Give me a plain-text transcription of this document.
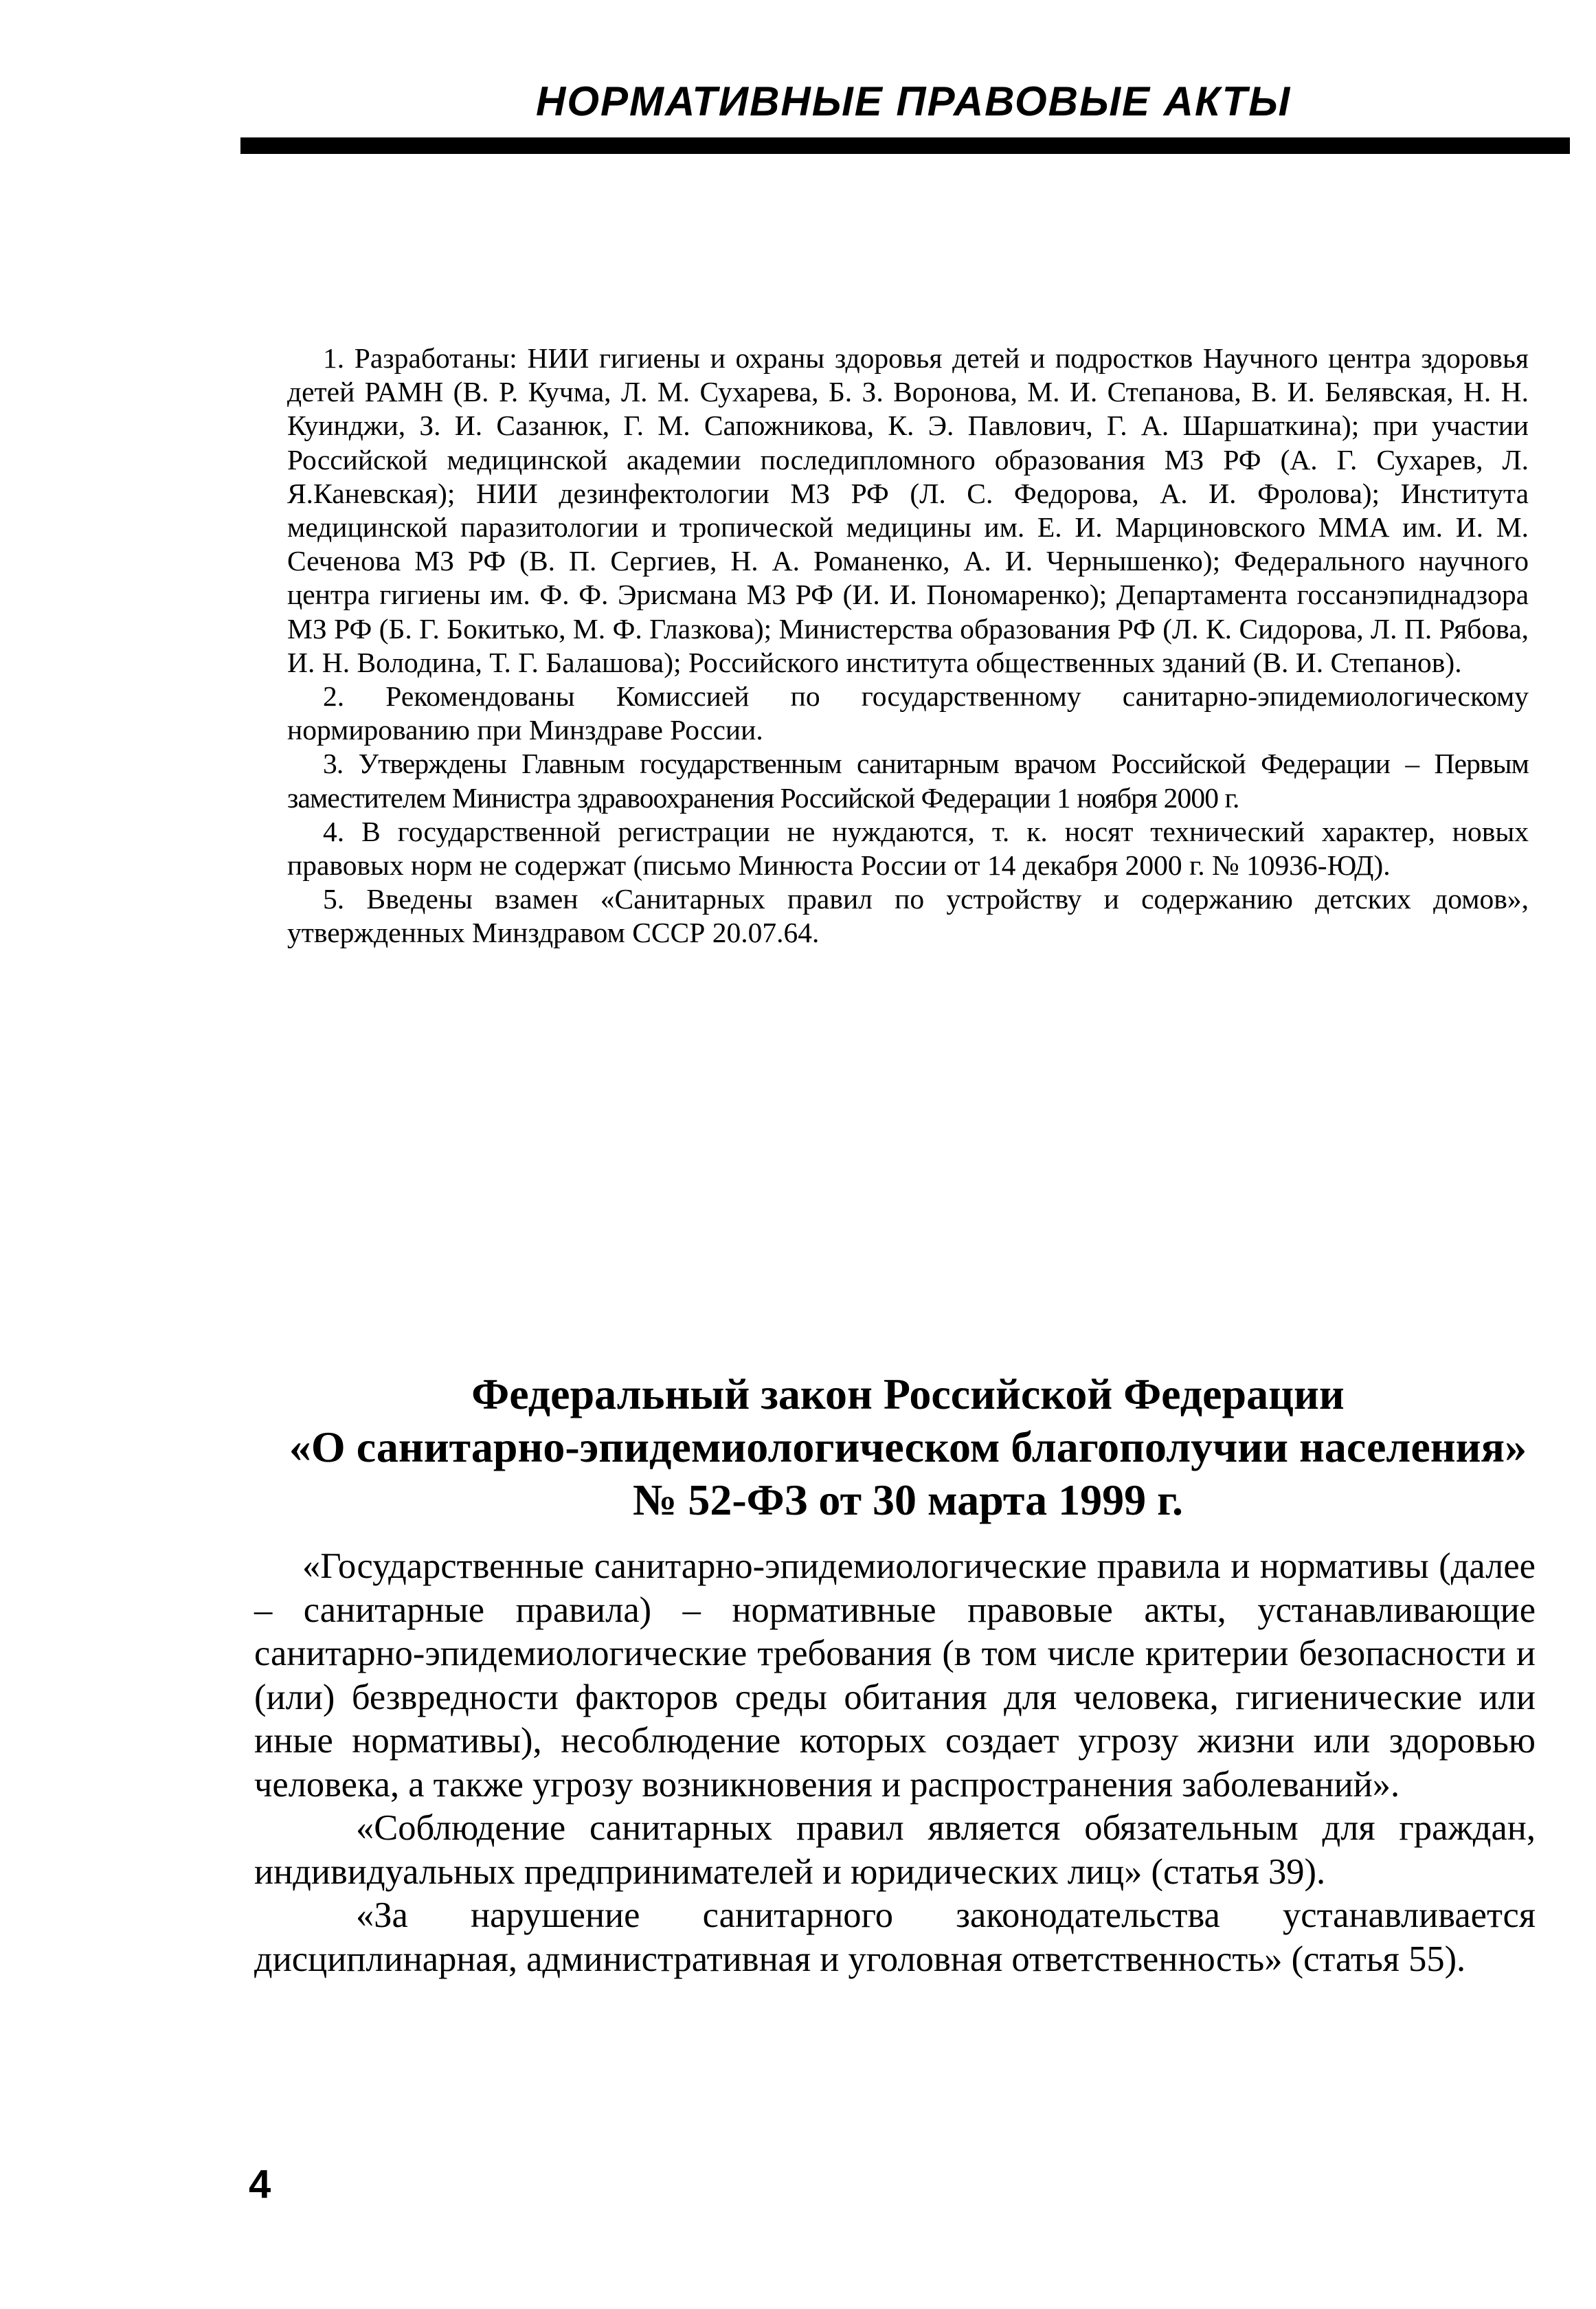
НОРМАТИВНЫЕ ПРАВОВЫЕ АКТЫ

1. Разработаны: НИИ гигиены и охраны здоровья детей и подростков Научного центра здоровья детей РАМН (В. Р. Кучма, Л. М. Сухарева, Б. З. Воронова, М. И. Степанова, В. И. Белявская, Н. Н. Куинджи, З. И. Сазанюк, Г. М. Сапожникова, К. Э. Павлович, Г. А. Шаршаткина); при участии Российской медицинской академии последипломного образования МЗ РФ (А. Г. Сухарев, Л. Я.Каневская); НИИ дезинфектологии МЗ РФ (Л. С. Федорова, А. И. Фролова); Института медицинской паразитологии и тропической медицины им. Е. И. Марциновского ММА им. И. М. Сеченова МЗ РФ (В. П. Сергиев, Н. А. Романенко, А. И. Чернышенко); Федерального научного центра гигиены им. Ф. Ф. Эрисмана МЗ РФ (И. И. Пономаренко); Департамента госсанэпиднадзора МЗ РФ (Б. Г. Бокитько, М. Ф. Глазкова); Министерства образования РФ (Л. К. Сидорова, Л. П. Рябова, И. Н. Володина, Т. Г. Балашова); Российского института общественных зданий (В. И. Степанов).

2. Рекомендованы Комиссией по государственному санитарно-эпидемиологическому нормированию при Минздраве России.

3. Утверждены Главным государственным санитарным врачом Российской Федерации – Первым заместителем Министра здравоохранения Российской Федерации 1 ноября 2000 г.

4. В государственной регистрации не нуждаются, т. к. носят технический характер, новых правовых норм не содержат (письмо Минюста России от 14 декабря 2000 г. № 10936-ЮД).

5. Введены взамен «Санитарных правил по устройству и содержанию детских домов», утвержденных Минздравом СССР 20.07.64.

Федеральный закон Российской Федерации
«О санитарно-эпидемиологическом благополучии населения»
№ 52-ФЗ от 30 марта 1999 г.

«Государственные санитарно-эпидемиологические правила и нормативы (далее – санитарные правила) – нормативные правовые акты, устанавливающие санитарно-эпидемиологические требования (в том числе критерии безопасности и (или) безвредности факторов среды обитания для человека, гигиенические или иные нормативы), несоблюдение которых создает угрозу жизни или здоровью человека, а также угрозу возникновения и распространения заболеваний».

«Соблюдение санитарных правил является обязательным для граждан, индивидуальных предпринимателей и юридических лиц» (статья 39).

«За нарушение санитарного законодательства устанавливается дисциплинарная, административная и уголовная ответственность» (статья 55).

4
